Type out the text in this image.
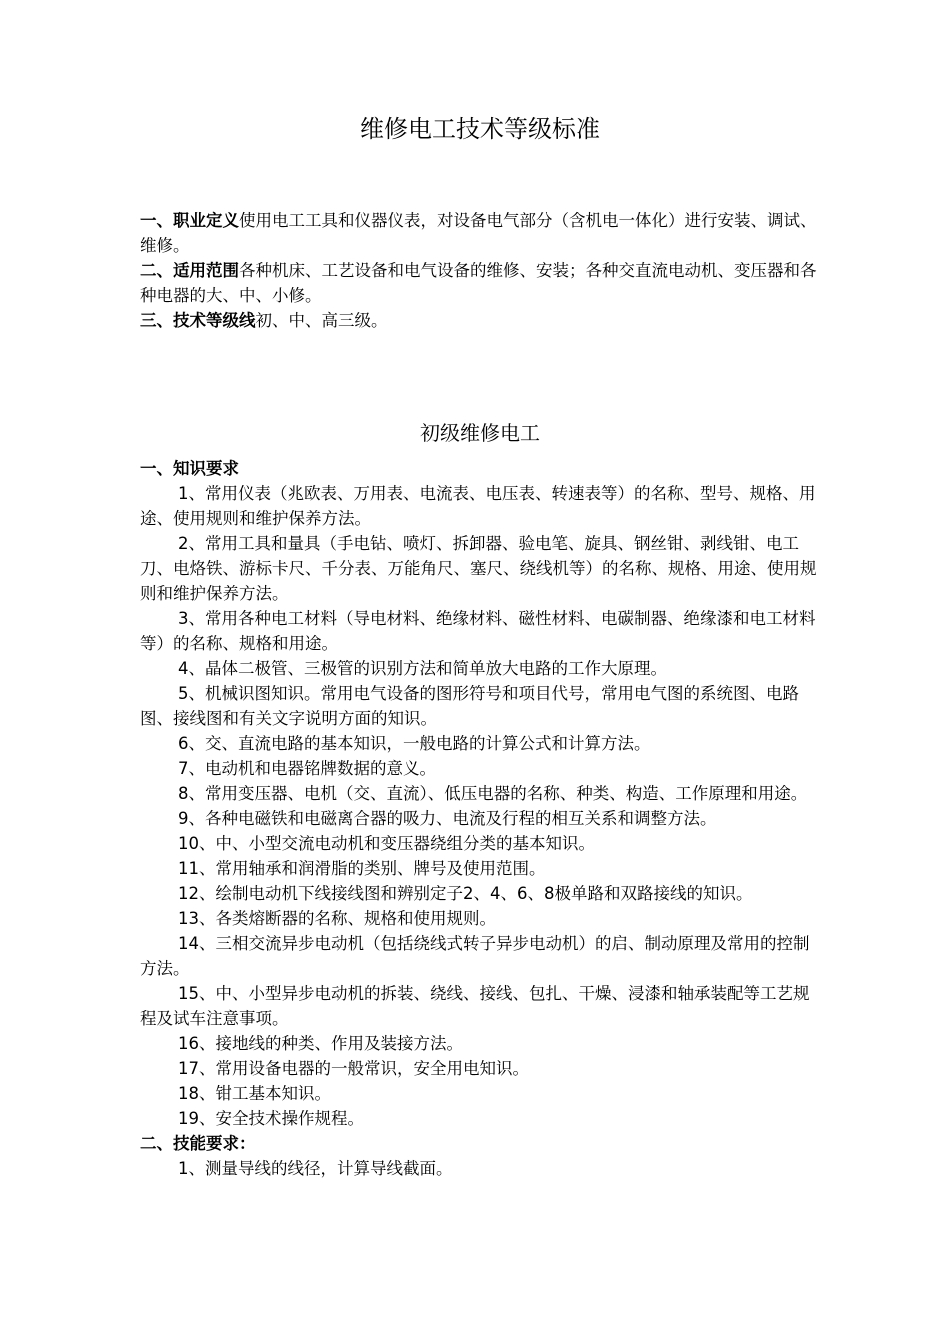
维修电工技术等级标准

一、职业定义使用电工工具和仪器仪表，对设备电气部分（含机电一体化）进行安装、调试、维修。

二、适用范围各种机床、工艺设备和电气设备的维修、安装；各种交直流电动机、变压器和各种电器的大、中、小修。

三、技术等级线初、中、高三级。

初级维修电工

一、知识要求

1、常用仪表（兆欧表、万用表、电流表、电压表、转速表等）的名称、型号、规格、用途、使用规则和维护保养方法。

2、常用工具和量具（手电钻、喷灯、拆卸器、验电笔、旋具、钢丝钳、剥线钳、电工刀、电烙铁、游标卡尺、千分表、万能角尺、塞尺、绕线机等）的名称、规格、用途、使用规则和维护保养方法。

3、常用各种电工材料（导电材料、绝缘材料、磁性材料、电碳制器、绝缘漆和电工材料等）的名称、规格和用途。

4、晶体二极管、三极管的识别方法和简单放大电路的工作大原理。

5、机械识图知识。常用电气设备的图形符号和项目代号，常用电气图的系统图、电路图、接线图和有关文字说明方面的知识。

6、交、直流电路的基本知识，一般电路的计算公式和计算方法。

7、电动机和电器铭牌数据的意义。

8、常用变压器、电机（交、直流）、低压电器的名称、种类、构造、工作原理和用途。

9、各种电磁铁和电磁离合器的吸力、电流及行程的相互关系和调整方法。

10、中、小型交流电动机和变压器绕组分类的基本知识。

11、常用轴承和润滑脂的类别、牌号及使用范围。

12、绘制电动机下线接线图和辨别定子2、4、6、8极单路和双路接线的知识。

13、各类熔断器的名称、规格和使用规则。

14、三相交流异步电动机（包括绕线式转子异步电动机）的启、制动原理及常用的控制方法。

15、中、小型异步电动机的拆装、绕线、接线、包扎、干燥、浸漆和轴承装配等工艺规程及试车注意事项。

16、接地线的种类、作用及装接方法。

17、常用设备电器的一般常识，安全用电知识。

18、钳工基本知识。

19、安全技术操作规程。

二、技能要求：

1、测量导线的线径，计算导线截面。
